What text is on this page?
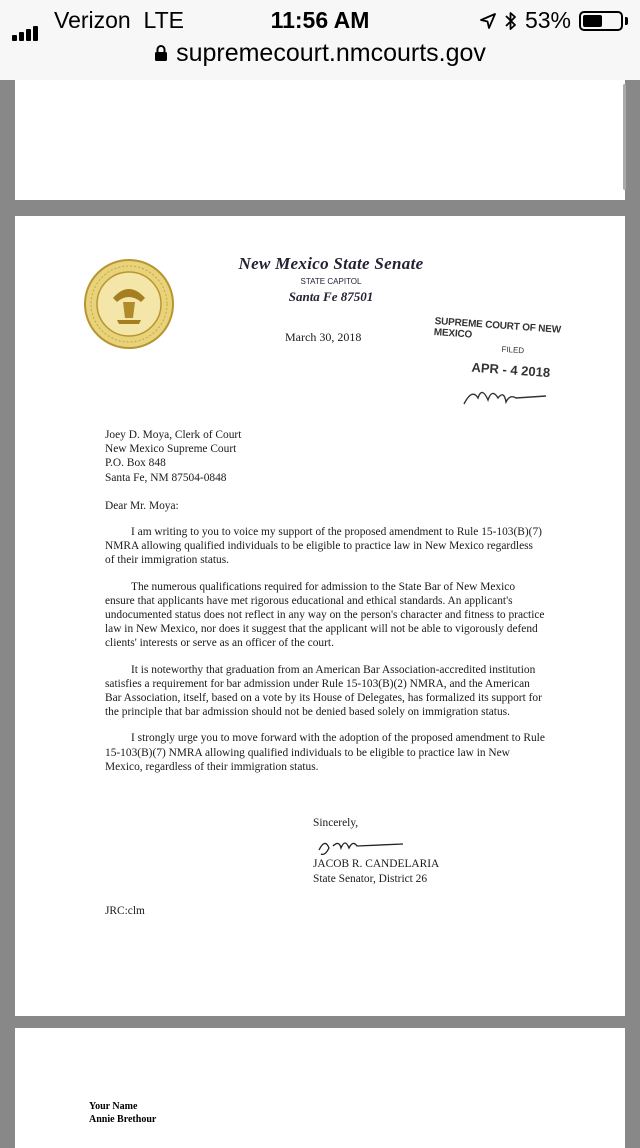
Verizon LTE	11:56 AM	53%
supremecourt.nmcourts.gov
New Mexico State Senate
STATE CAPITOL
Santa Fe 87501
March 30, 2018
SUPREME COURT OF NEW MEXICO
FILED
APR - 4 2018

Joey D. Moya, Clerk of Court

New Mexico Supreme Court

P.O. Box 848

Santa Fe, NM 87504-0848

Dear Mr. Moya:

I am writing to you to voice my support of the proposed amendment to Rule 15-103(B)(7) NMRA allowing qualified individuals to be eligible to practice law in New Mexico regardless of their immigration status.

The numerous qualifications required for admission to the State Bar of New Mexico ensure that applicants have met rigorous educational and ethical standards. An applicant's undocumented status does not reflect in any way on the person's character and fitness to practice law in New Mexico, nor does it suggest that the applicant will not be able to vigorously defend clients' interests or serve as an officer of the court.

It is noteworthy that graduation from an American Bar Association-accredited institution satisfies a requirement for bar admission under Rule 15-103(B)(2) NMRA, and the American Bar Association, itself, based on a vote by its House of Delegates, has formalized its support for the principle that bar admission should not be denied based solely on immigration status.

I strongly urge you to move forward with the adoption of the proposed amendment to Rule 15-103(B)(7) NMRA allowing qualified individuals to be eligible to practice law in New Mexico, regardless of their immigration status.

Sincerely,
JACOB R. CANDELARIA
State Senator, District 26
JRC:clm
Your Name
Annie Brethour
